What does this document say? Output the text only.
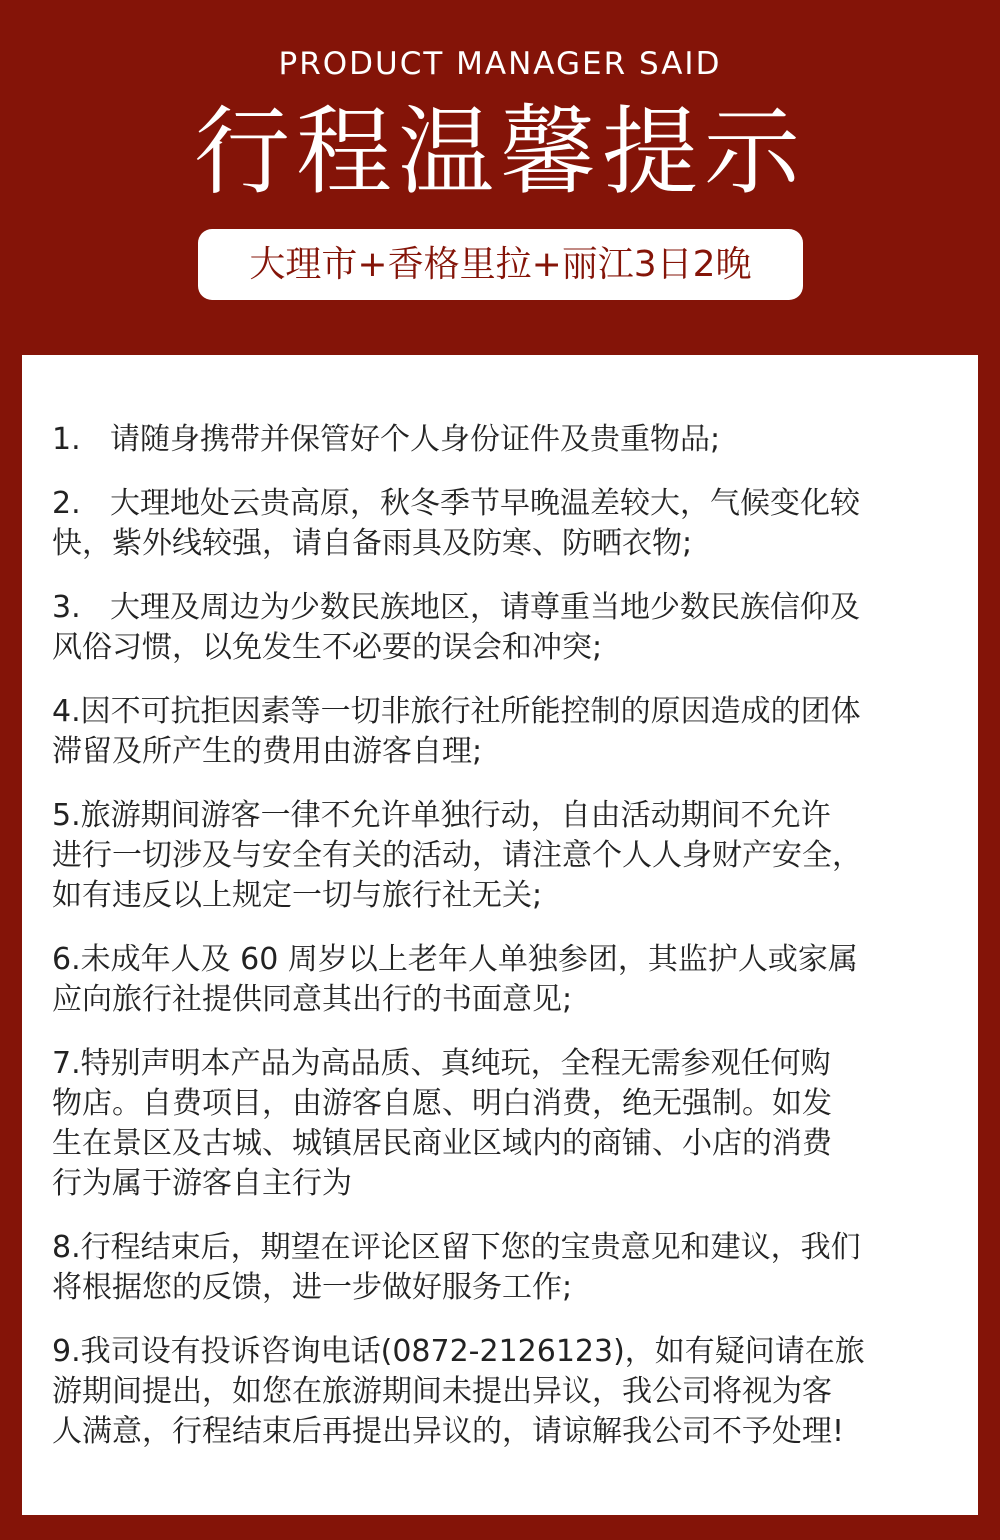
PRODUCT MANAGER SAID
行程温馨提示
大理市+香格里拉+丽江3日2晚
1. 请随身携带并保管好个人身份证件及贵重物品;
2. 大理地处云贵高原，秋冬季节早晚温差较大，气候变化较
快，紫外线较强，请自备雨具及防寒、防晒衣物;
3. 大理及周边为少数民族地区，请尊重当地少数民族信仰及
风俗习惯，以免发生不必要的误会和冲突;
4.因不可抗拒因素等一切非旅行社所能控制的原因造成的团体
滞留及所产生的费用由游客自理;
5.旅游期间游客一律不允许单独行动，自由活动期间不允许
进行一切涉及与安全有关的活动，请注意个人人身财产安全，
如有违反以上规定一切与旅行社无关;
6.未成年人及 60 周岁以上老年人单独参团，其监护人或家属
应向旅行社提供同意其出行的书面意见;
7.特别声明本产品为高品质、真纯玩，全程无需参观任何购
物店。自费项目，由游客自愿、明白消费，绝无强制。如发
生在景区及古城、城镇居民商业区域内的商铺、小店的消费
行为属于游客自主行为
8.行程结束后，期望在评论区留下您的宝贵意见和建议，我们
将根据您的反馈，进一步做好服务工作;
9.我司设有投诉咨询电话(0872-2126123)，如有疑问请在旅
游期间提出，如您在旅游期间未提出异议，我公司将视为客
人满意，行程结束后再提出异议的，请谅解我公司不予处理!
